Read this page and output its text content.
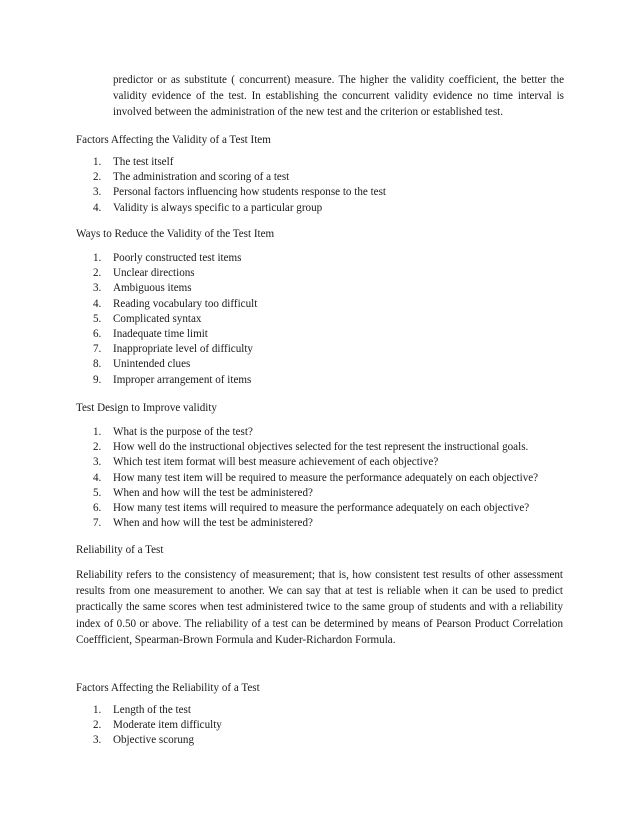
predictor or as substitute ( concurrent) measure. The higher the validity coefficient, the better the validity evidence of the test. In establishing the concurrent validity evidence no time interval is involved between the administration of the new test and the criterion or established test.
Factors Affecting the Validity of a Test Item
1. The test itself
2. The administration and scoring of a test
3. Personal factors influencing how students response to the test
4. Validity is always specific to a particular group
Ways to Reduce the Validity of the Test Item
1. Poorly constructed test items
2. Unclear directions
3. Ambiguous items
4. Reading vocabulary too difficult
5. Complicated syntax
6. Inadequate time limit
7. Inappropriate level of difficulty
8. Unintended clues
9. Improper arrangement of items
Test Design to Improve validity
1. What is the purpose of the test?
2. How well do the instructional objectives selected for the test represent the instructional goals.
3. Which test item format will best measure achievement of each objective?
4. How many test item will be required to measure the performance adequately on each objective?
5. When and how will the test be administered?
6. How many test items will required to measure the performance adequately on each objective?
7. When and how will the test be administered?
Reliability of a Test
Reliability refers to the consistency of measurement; that is, how consistent test results of other assessment results from one measurement to another. We can say that at test is reliable when it can be used to predict practically the same scores when test administered twice to the same group of students and with a reliability index of 0.50 or above. The reliability of a test can be determined by means of Pearson Product Correlation Coeffficient, Spearman-Brown Formula and Kuder-Richardon Formula.
Factors Affecting the Reliability of a Test
1. Length of the test
2. Moderate item difficulty
3. Objective scorung
